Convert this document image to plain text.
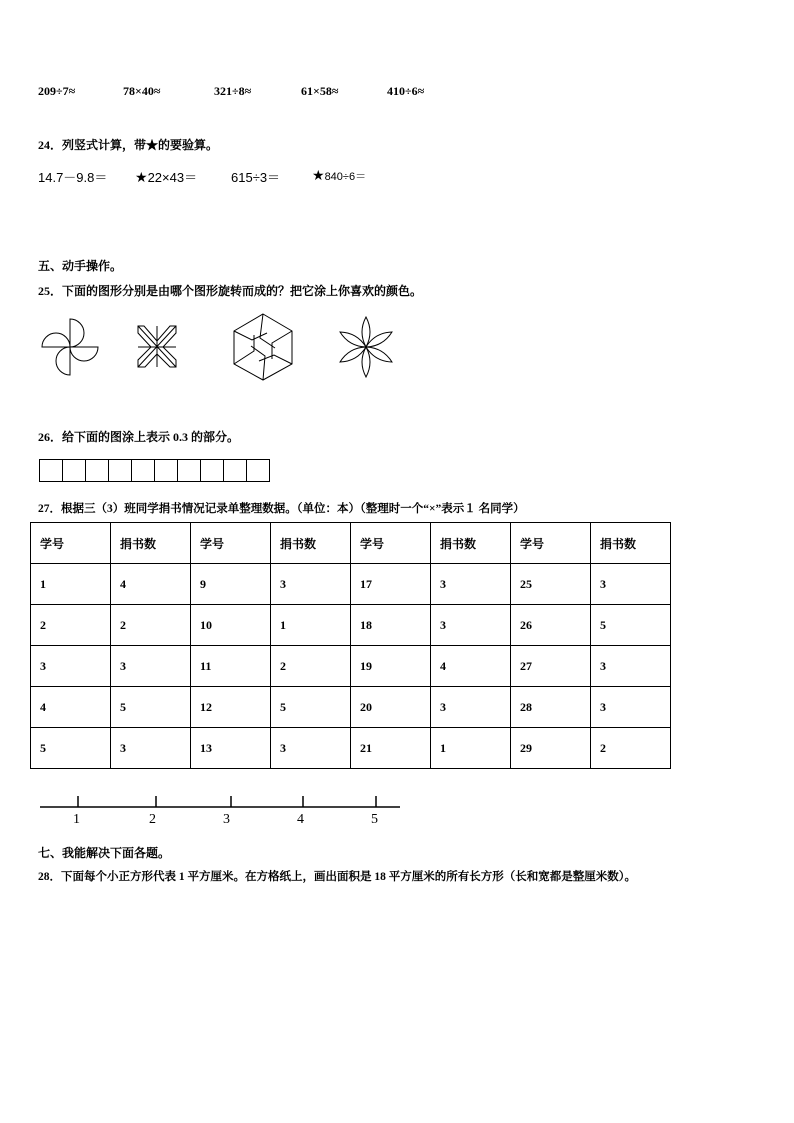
209÷7≈	78×40≈	321÷8≈	61×58≈	410÷6≈
24．列竖式计算，带★的要验算。
14.7－9.8＝ ★22×43＝	615÷3＝ ★840÷6＝
五、动手操作。
25．下面的图形分别是由哪个图形旋转而成的？把它涂上你喜欢的颜色。
26．给下面的图涂上表示 0.3 的部分。
27．根据三（3）班同学捐书情况记录单整理数据。（单位：本）（整理时一个“×”表示１ 名同学）
学号	捐书数	学号	捐书数	学号	捐书数	学号	捐书数
1	4	9	3	17	3	25	3
2	2	10	1	18	3	26	5
3	3	11	2	19	4	27	3
4	5	12	5	20	3	28	3
5	3	13	3	21	1	29	2
1	2	3	4	5
七、我能解决下面各题。
28．下面每个小正方形代表 1 平方厘米。在方格纸上，画出面积是 18 平方厘米的所有长方形（长和宽都是整厘米数）。
